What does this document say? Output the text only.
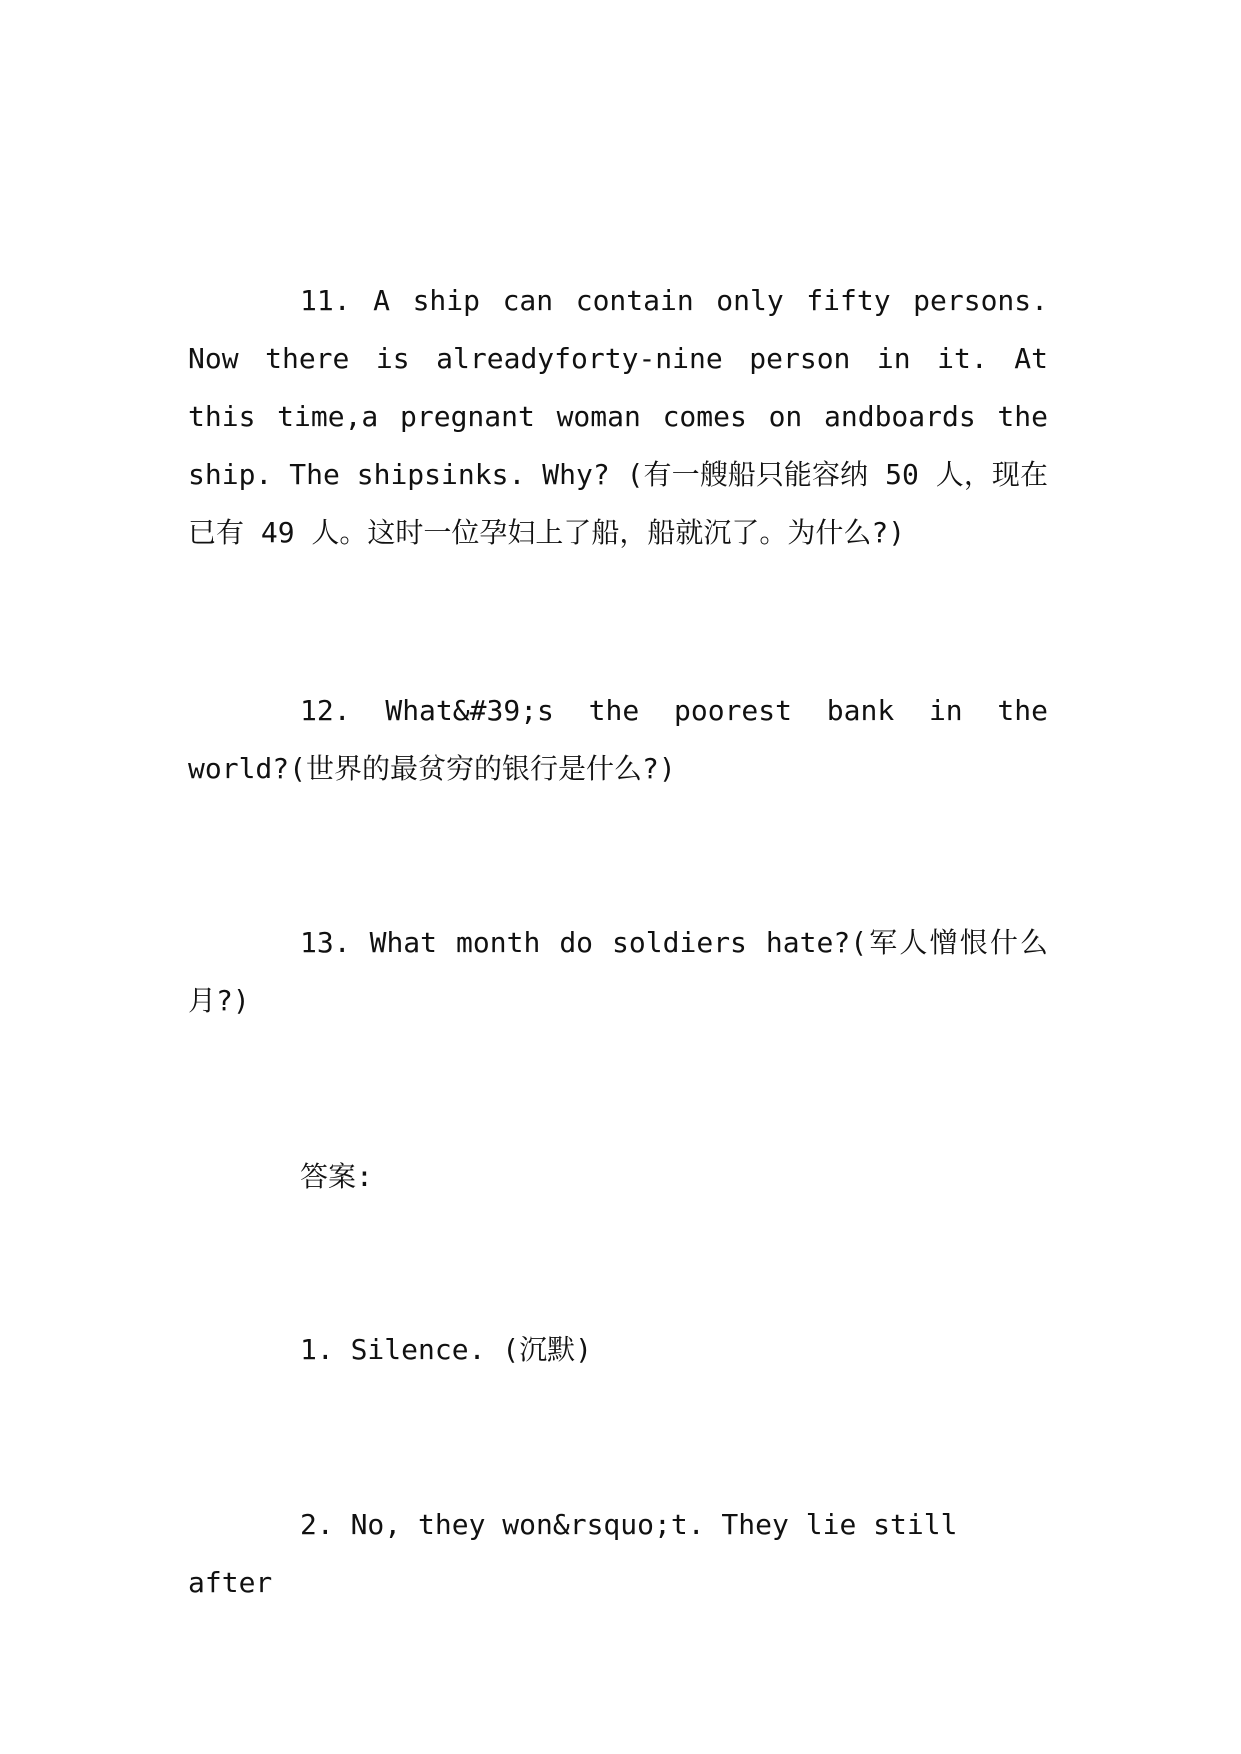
11. A ship can contain only fifty persons. Now there is alreadyforty-nine person in it. At this time,a pregnant woman comes on andboards the ship. The shipsinks. Why? (有一艘船只能容纳 50 人，现在已有 49 人。这时一位孕妇上了船，船就沉了。为什么?)

12. What&#39;s the poorest bank in the world?(世界的最贫穷的银行是什么?)

13. What month do soldiers hate?(军人憎恨什么月?)

答案:

1. Silence. (沉默)

2. No, they won&rsquo;t. They lie still after
